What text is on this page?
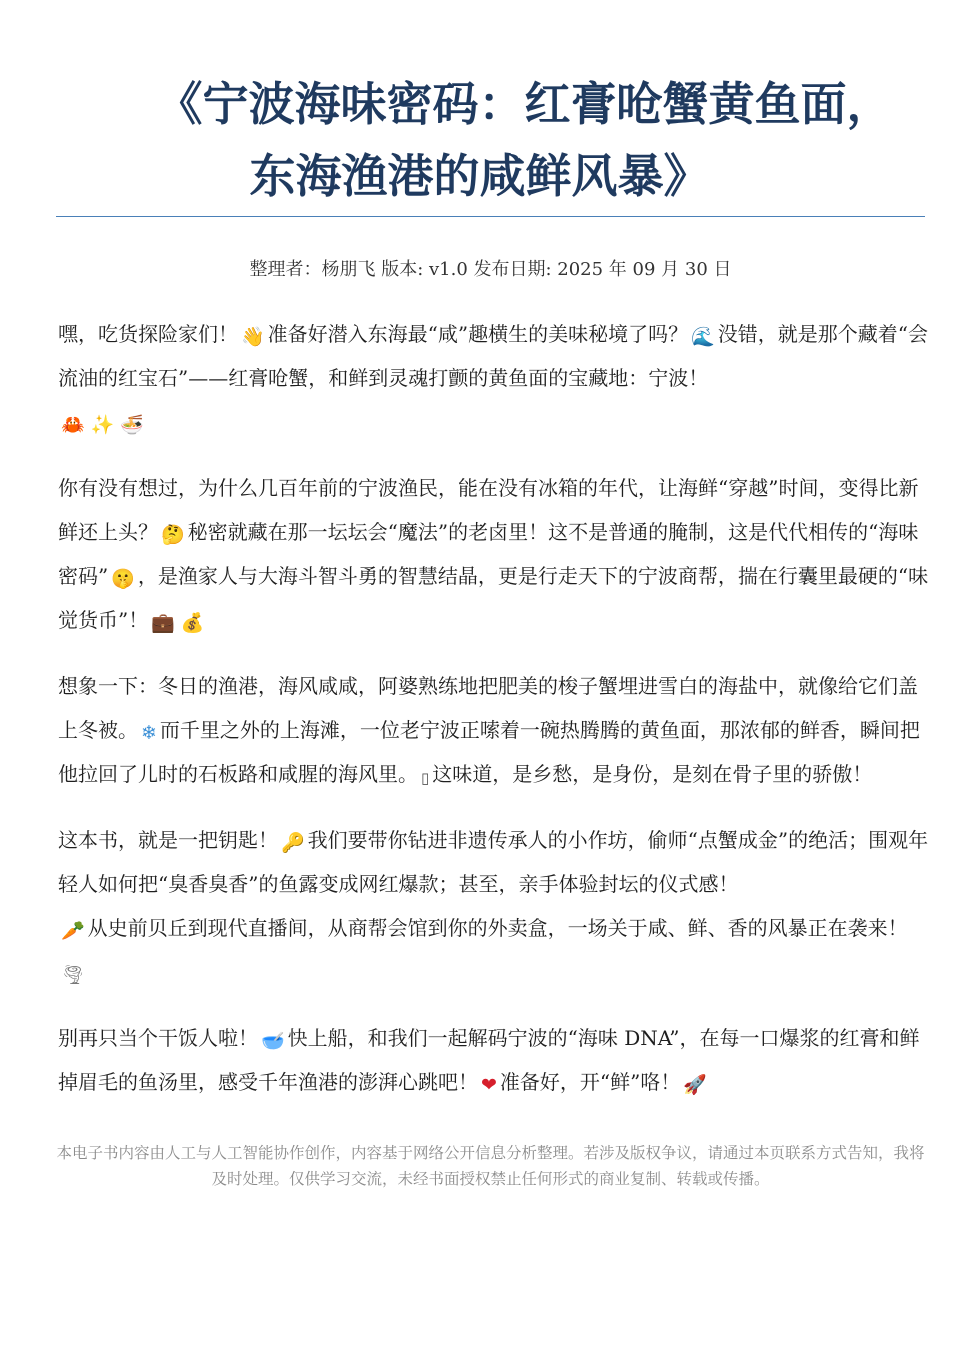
《宁波海味密码：红膏呛蟹黄鱼面，
东海渔港的咸鲜风暴》
整理者：杨朋飞 版本: v1.0 发布日期: 2025 年 09 月 30 日

嘿，吃货探险家们！ 👋 准备好潜入东海最“咸”趣横生的美味秘境了吗？ 🌊 没错，就是那个藏着“会流油的红宝石”——红膏呛蟹，和鲜到灵魂打颤的黄鱼面的宝藏地：宁波！
🦀 ✨ 🍜

你有没有想过，为什么几百年前的宁波渔民，能在没有冰箱的年代，让海鲜“穿越”时间，变得比新鲜还上头？ 🤔 秘密就藏在那一坛坛会“魔法”的老卤里！这不是普通的腌制，这是代代相传的“海味密码” 🤫 ，是渔家人与大海斗智斗勇的智慧结晶，更是行走天下的宁波商帮，揣在行囊里最硬的“味觉货币”！ 💼 💰

想象一下：冬日的渔港，海风咸咸，阿婆熟练地把肥美的梭子蟹埋进雪白的海盐中，就像给它们盖上冬被。 ❄ 而千里之外的上海滩，一位老宁波正嗦着一碗热腾腾的黄鱼面，那浓郁的鲜香，瞬间把他拉回了儿时的石板路和咸腥的海风里。 ▯ 这味道，是乡愁，是身份，是刻在骨子里的骄傲！

这本书，就是一把钥匙！ 🔑 我们要带你钻进非遗传承人的小作坊，偷师“点蟹成金”的绝活；围观年轻人如何把“臭香臭香”的鱼露变成网红爆款；甚至，亲手体验封坛的仪式感！
🥕 从史前贝丘到现代直播间，从商帮会馆到你的外卖盒，一场关于咸、鲜、香的风暴正在袭来！🌪

别再只当个干饭人啦！ 🥣 快上船，和我们一起解码宁波的“海味 DNA”，在每一口爆浆的红膏和鲜掉眉毛的鱼汤里，感受千年渔港的澎湃心跳吧！ ❤ 准备好，开“鲜”咯！ 🚀

本电子书内容由人工与人工智能协作创作，内容基于网络公开信息分析整理。若涉及版权争议，请通过本页联系方式告知，我将及时处理。仅供学习交流，未经书面授权禁止任何形式的商业复制、转载或传播。
